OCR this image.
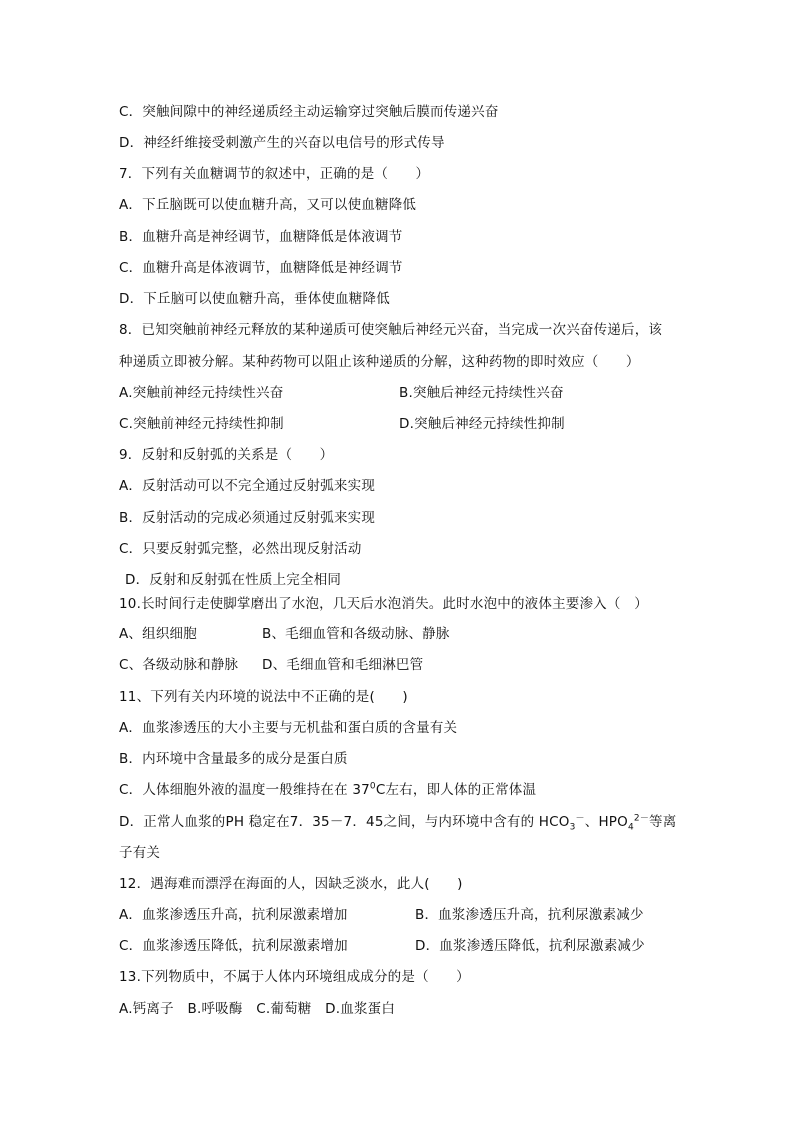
C．突触间隙中的神经递质经主动运输穿过突触后膜而传递兴奋
D．神经纤维接受刺激产生的兴奋以电信号的形式传导
7．下列有关血糖调节的叙述中，正确的是（　　）
A．下丘脑既可以使血糖升高，又可以使血糖降低
B．血糖升高是神经调节，血糖降低是体液调节
C．血糖升高是体液调节，血糖降低是神经调节
D．下丘脑可以使血糖升高，垂体使血糖降低
8．已知突触前神经元释放的某种递质可使突触后神经元兴奋，当完成一次兴奋传递后，该
种递质立即被分解。某种药物可以阻止该种递质的分解，这种药物的即时效应（　　）
A.突触前神经元持续性兴奋	B.突触后神经元持续性兴奋
C.突触前神经元持续性抑制	D.突触后神经元持续性抑制
9．反射和反射弧的关系是（　　）
A．反射活动可以不完全通过反射弧来实现
B．反射活动的完成必须通过反射弧来实现
C．只要反射弧完整，必然出现反射活动
D．反射和反射弧在性质上完全相同
10.长时间行走使脚掌磨出了水泡，几天后水泡消失。此时水泡中的液体主要渗入（　）
A、组织细胞	B、毛细血管和各级动脉、静脉
C、各级动脉和静脉 D、毛细血管和毛细淋巴管
11、下列有关内环境的说法中不正确的是(　　)
A．血浆渗透压的大小主要与无机盐和蛋白质的含量有关
B．内环境中含量最多的成分是蛋白质
C．人体细胞外液的温度一般维持在在 $37^0C$左右，即人体的正常体温
D．正常人血浆的PH 稳定在7．35－7．45之间，与内环境中含有的 $HCO_3^-$、$HPO_4^{2-}$等离
子有关
12．遇海难而漂浮在海面的人，因缺乏淡水，此人(　　)
A．血浆渗透压升高，抗利尿激素增加	B．血浆渗透压升高，抗利尿激素减少
C．血浆渗透压降低，抗利尿激素增加	D．血浆渗透压降低，抗利尿激素减少
13.下列物质中，不属于人体内环境组成成分的是（　　）
A.钙离子　B.呼吸酶　C.葡萄糖　D.血浆蛋白
